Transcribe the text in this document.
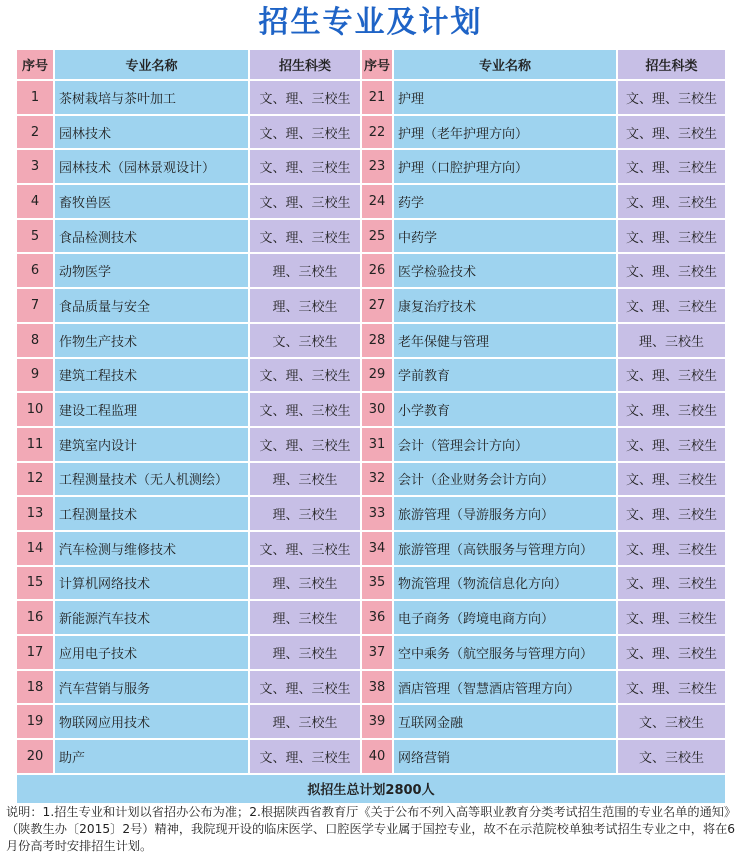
招生专业及计划
序号	专业名称	招生科类	序号	专业名称	招生科类
1	茶树栽培与茶叶加工	文、理、三校生	21	护理	文、理、三校生
2	园林技术	文、理、三校生	22	护理（老年护理方向）	文、理、三校生
3	园林技术（园林景观设计）	文、理、三校生	23	护理（口腔护理方向）	文、理、三校生
4	畜牧兽医	文、理、三校生	24	药学	文、理、三校生
5	食品检测技术	文、理、三校生	25	中药学	文、理、三校生
6	动物医学	理、三校生	26	医学检验技术	文、理、三校生
7	食品质量与安全	理、三校生	27	康复治疗技术	文、理、三校生
8	作物生产技术	文、三校生	28	老年保健与管理	理、三校生
9	建筑工程技术	文、理、三校生	29	学前教育	文、理、三校生
10	建设工程监理	文、理、三校生	30	小学教育	文、理、三校生
11	建筑室内设计	文、理、三校生	31	会计（管理会计方向）	文、理、三校生
12	工程测量技术（无人机测绘）	理、三校生	32	会计（企业财务会计方向）	文、理、三校生
13	工程测量技术	理、三校生	33	旅游管理（导游服务方向）	文、理、三校生
14	汽车检测与维修技术	文、理、三校生	34	旅游管理（高铁服务与管理方向）	文、理、三校生
15	计算机网络技术	理、三校生	35	物流管理（物流信息化方向）	文、理、三校生
16	新能源汽车技术	理、三校生	36	电子商务（跨境电商方向）	文、理、三校生
17	应用电子技术	理、三校生	37	空中乘务（航空服务与管理方向）	文、理、三校生
18	汽车营销与服务	文、理、三校生	38	酒店管理（智慧酒店管理方向）	文、理、三校生
19	物联网应用技术	理、三校生	39	互联网金融	文、三校生
20	助产	文、理、三校生	40	网络营销	文、三校生
拟招生总计划2800人					
说明：1.招生专业和计划以省招办公布为准；2.根据陕西省教育厅《关于公布不列入高等职业教育分类考试招生范围的专业名单的通知》（陕教生办〔2015〕2号）精神，我院现开设的临床医学、口腔医学专业属于国控专业，故不在示范院校单独考试招生专业之中，将在6月份高考时安排招生计划。
